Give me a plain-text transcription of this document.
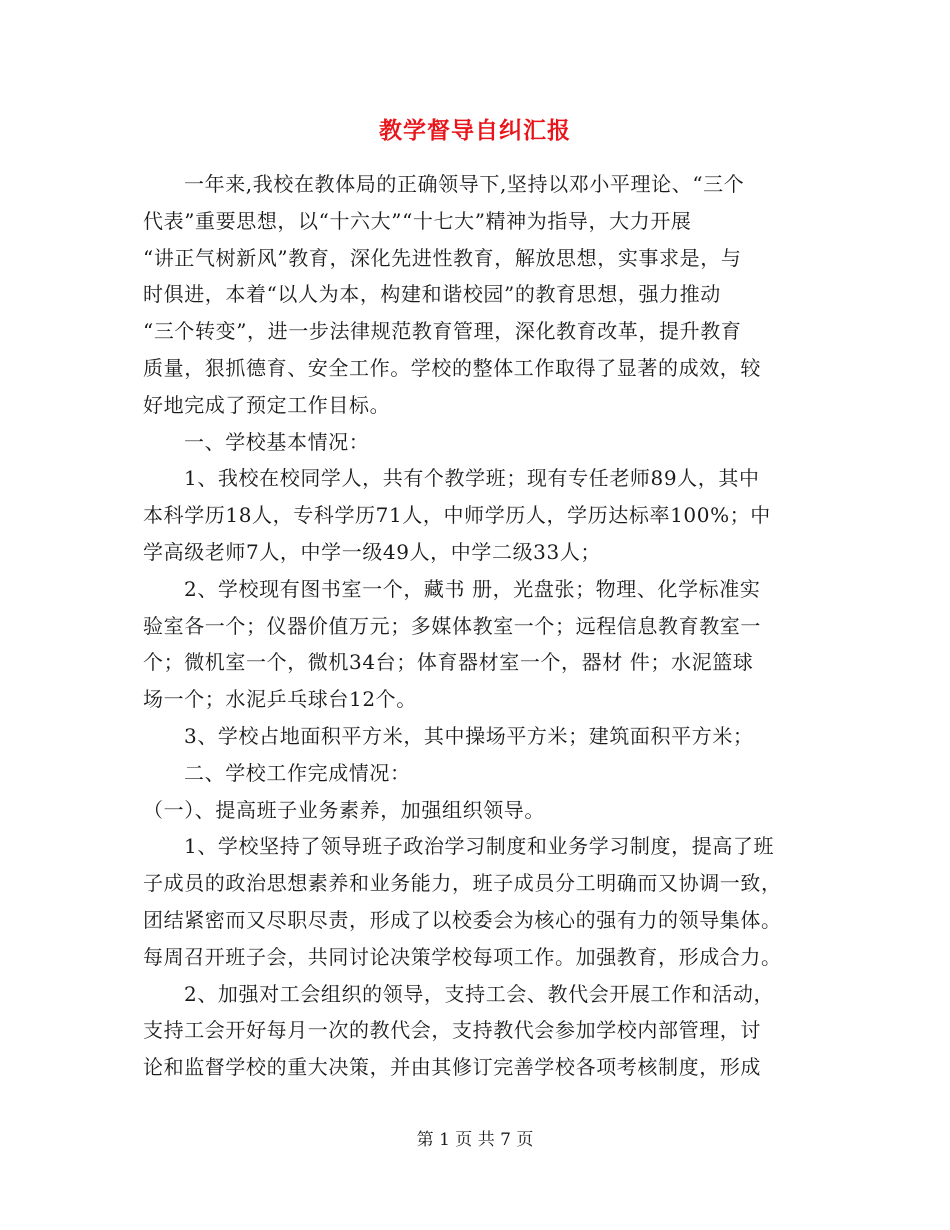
教学督导自纠汇报
一年来,我校在教体局的正确领导下,坚持以邓小平理论、“三个
代表”重要思想，以“十六大”“十七大”精神为指导，大力开展
“讲正气树新风”教育，深化先进性教育，解放思想，实事求是，与
时俱进，本着“以人为本，构建和谐校园”的教育思想，强力推动
“三个转变”，进一步法律规范教育管理，深化教育改革，提升教育
质量，狠抓德育、安全工作。学校的整体工作取得了显著的成效，较
好地完成了预定工作目标。
一、学校基本情况：
1、我校在校同学人，共有个教学班；现有专任老师89人，其中
本科学历18人，专科学历71人，中师学历人，学历达标率100%；中
学高级老师7人，中学一级49人，中学二级33人；
2、学校现有图书室一个，藏书 册，光盘张；物理、化学标准实
验室各一个；仪器价值万元；多媒体教室一个；远程信息教育教室一
个；微机室一个，微机34台；体育器材室一个，器材 件；水泥篮球
场一个；水泥乒乓球台12个。
3、学校占地面积平方米，其中操场平方米；建筑面积平方米；
二、学校工作完成情况：
（一）、提高班子业务素养，加强组织领导。
1、学校坚持了领导班子政治学习制度和业务学习制度，提高了班
子成员的政治思想素养和业务能力，班子成员分工明确而又协调一致，
团结紧密而又尽职尽责，形成了以校委会为核心的强有力的领导集体。
每周召开班子会，共同讨论决策学校每项工作。加强教育，形成合力。
2、加强对工会组织的领导，支持工会、教代会开展工作和活动，
支持工会开好每月一次的教代会，支持教代会参加学校内部管理，讨
论和监督学校的重大决策，并由其修订完善学校各项考核制度，形成
第 1 页 共 7 页
